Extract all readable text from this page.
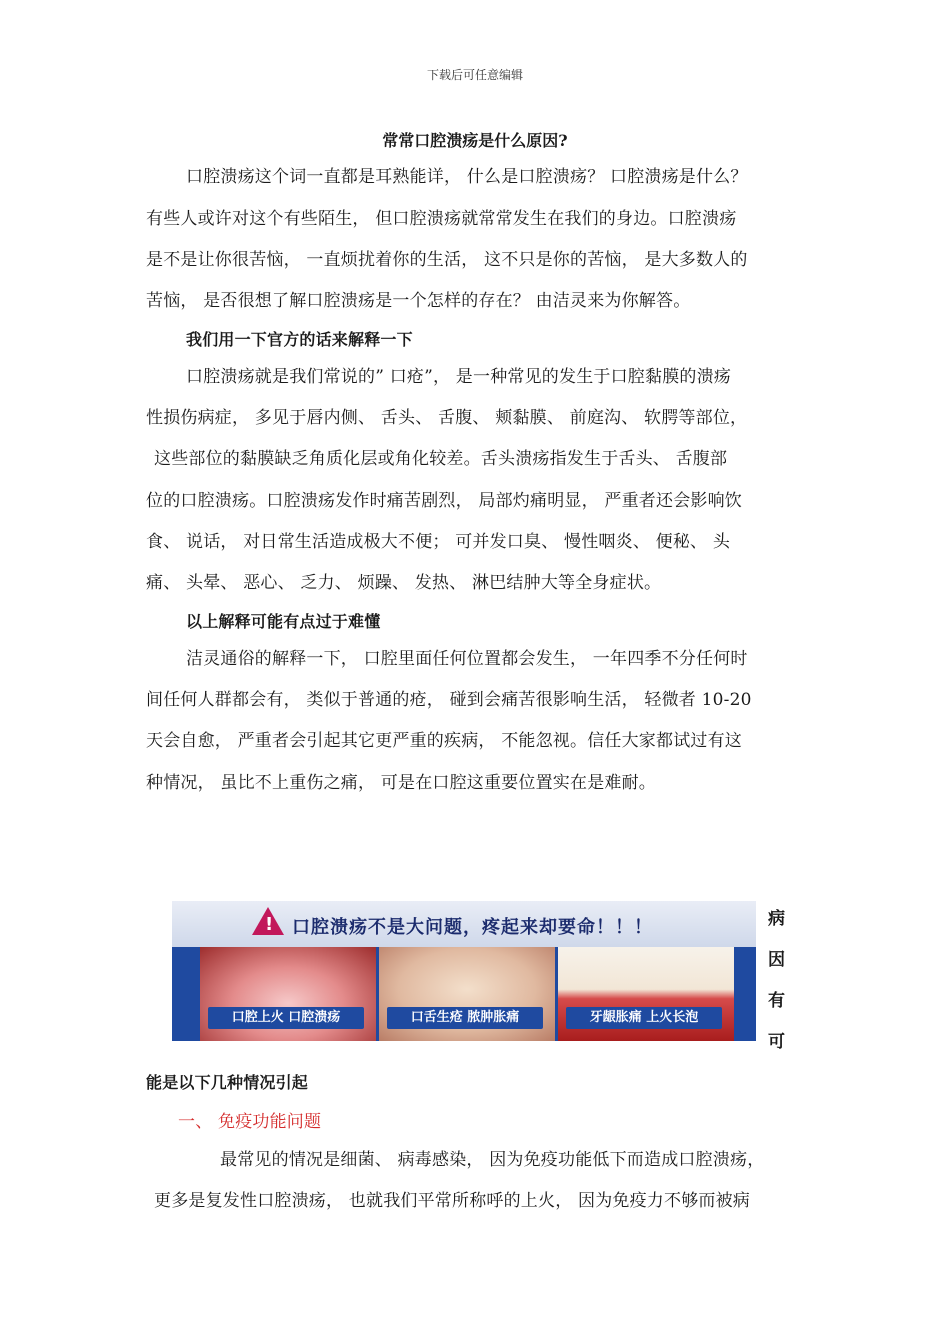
下载后可任意编辑
常常口腔溃疡是什么原因?
口腔溃疡这个词一直都是耳熟能详， 什么是口腔溃疡？ 口腔溃疡是什么？
有些人或许对这个有些陌生， 但口腔溃疡就常常发生在我们的身边。口腔溃疡
是不是让你很苦恼， 一直烦扰着你的生活， 这不只是你的苦恼， 是大多数人的
苦恼， 是否很想了解口腔溃疡是一个怎样的存在？ 由洁灵来为你解答。
我们用一下官方的话来解释一下
口腔溃疡就是我们常说的” 口疮”， 是一种常见的发生于口腔黏膜的溃疡
性损伤病症， 多见于唇内侧、 舌头、 舌腹、 颊黏膜、 前庭沟、 软腭等部位，
这些部位的黏膜缺乏角质化层或角化较差。舌头溃疡指发生于舌头、 舌腹部
位的口腔溃疡。口腔溃疡发作时痛苦剧烈， 局部灼痛明显， 严重者还会影响饮
食、 说话， 对日常生活造成极大不便； 可并发口臭、 慢性咽炎、 便秘、 头
痛、 头晕、 恶心、 乏力、 烦躁、 发热、 淋巴结肿大等全身症状。
以上解释可能有点过于难懂
洁灵通俗的解释一下， 口腔里面任何位置都会发生， 一年四季不分任何时
间任何人群都会有， 类似于普通的疮， 碰到会痛苦很影响生活， 轻微者 10-20
天会自愈， 严重者会引起其它更严重的疾病， 不能忽视。信任大家都试过有这
种情况， 虽比不上重伤之痛， 可是在口腔这重要位置实在是难耐。
! 口腔溃疡不是大问题，疼起来却要命！！！
口腔上火 口腔溃疡	口舌生疮 脓肿胀痛	牙龈胀痛 上火长泡
病
因
有
可
能是以下几种情况引起
一、 免疫功能问题
最常见的情况是细菌、 病毒感染， 因为免疫功能低下而造成口腔溃疡，
更多是复发性口腔溃疡， 也就我们平常所称呼的上火， 因为免疫力不够而被病
